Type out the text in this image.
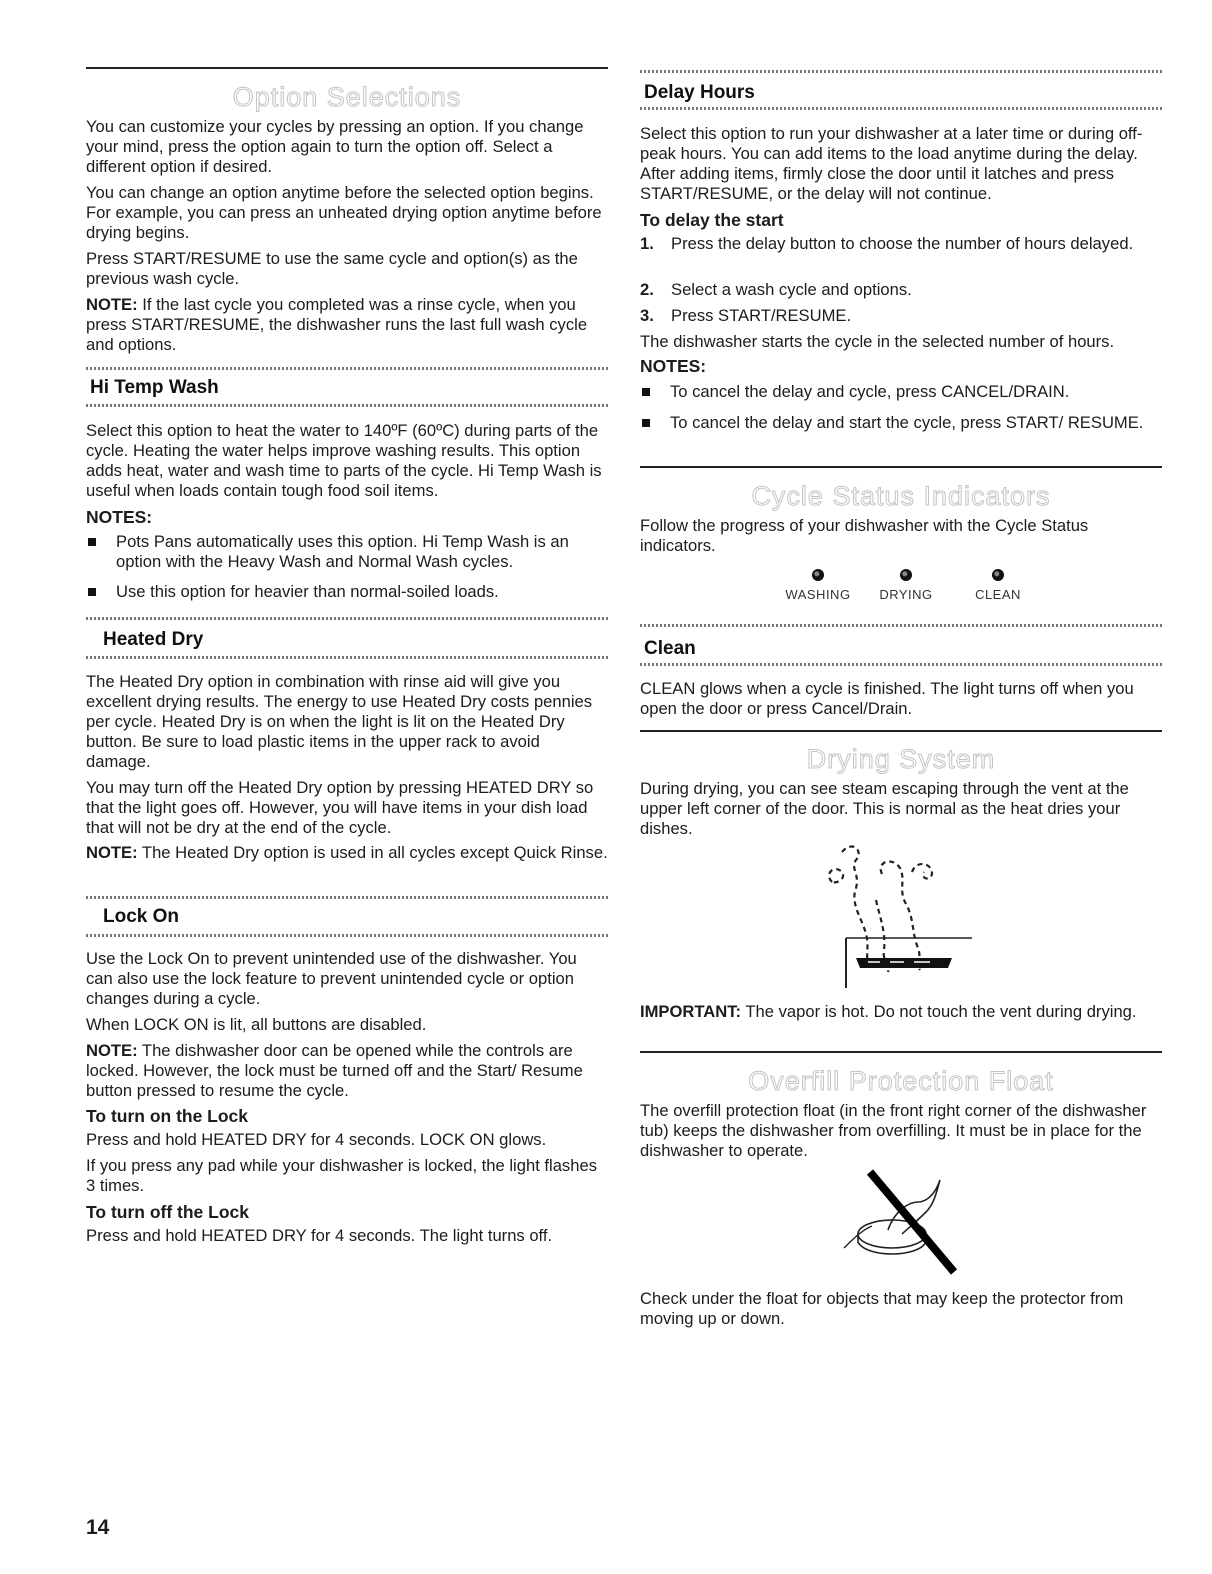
Option Selections

You can customize your cycles by pressing an option. If you change your mind, press the option again to turn the option off. Select a different option if desired.

You can change an option anytime before the selected option begins. For example, you can press an unheated drying option anytime before drying begins.

Press START/RESUME to use the same cycle and option(s) as the previous wash cycle.

NOTE: If the last cycle you completed was a rinse cycle, when you press START/RESUME, the dishwasher runs the last full wash cycle and options.

Hi Temp Wash

Select this option to heat the water to 140ºF (60ºC) during parts of the cycle. Heating the water helps improve washing results. This option adds heat, water and wash time to parts of the cycle. Hi Temp Wash is useful when loads contain tough food soil items.

NOTES:

Pots Pans automatically uses this option. Hi Temp Wash is an option with the Heavy Wash and Normal Wash cycles.
Use this option for heavier than normal-soiled loads.
Heated Dry

The Heated Dry option in combination with rinse aid will give you excellent drying results. The energy to use Heated Dry costs pennies per cycle. Heated Dry is on when the light is lit on the Heated Dry button. Be sure to load plastic items in the upper rack to avoid damage.

You may turn off the Heated Dry option by pressing HEATED DRY so that the light goes off. However, you will have items in your dish load that will not be dry at the end of the cycle.

NOTE: The Heated Dry option is used in all cycles except Quick Rinse.

Lock On

Use the Lock On to prevent unintended use of the dishwasher. You can also use the lock feature to prevent unintended cycle or option changes during a cycle.

When LOCK ON is lit, all buttons are disabled.

NOTE: The dishwasher door can be opened while the controls are locked. However, the lock must be turned off and the Start/ Resume button pressed to resume the cycle.

To turn on the Lock

Press and hold HEATED DRY for 4 seconds. LOCK ON glows.

If you press any pad while your dishwasher is locked, the light flashes 3 times.

To turn off the Lock

Press and hold HEATED DRY for 4 seconds. The light turns off.

Delay Hours

Select this option to run your dishwasher at a later time or during off-peak hours. You can add items to the load anytime during the delay. After adding items, firmly close the door until it latches and press START/RESUME, or the delay will not continue.

To delay the start

1. Press the delay button to choose the number of hours delayed.
2. Select a wash cycle and options.
3. Press START/RESUME.

The dishwasher starts the cycle in the selected number of hours.

NOTES:

To cancel the delay and cycle, press CANCEL/DRAIN.
To cancel the delay and start the cycle, press START/ RESUME.
Cycle Status Indicators

Follow the progress of your dishwasher with the Cycle Status indicators.

WASHING	DRYING	CLEAN
Clean

CLEAN glows when a cycle is finished. The light turns off when you open the door or press Cancel/Drain.

Drying System

During drying, you can see steam escaping through the vent at the upper left corner of the door. This is normal as the heat dries your dishes.

IMPORTANT: The vapor is hot. Do not touch the vent during drying.

Overfill Protection Float

The overfill protection float (in the front right corner of the dishwasher tub) keeps the dishwasher from overfilling. It must be in place for the dishwasher to operate.

Check under the float for objects that may keep the protector from moving up or down.

14
